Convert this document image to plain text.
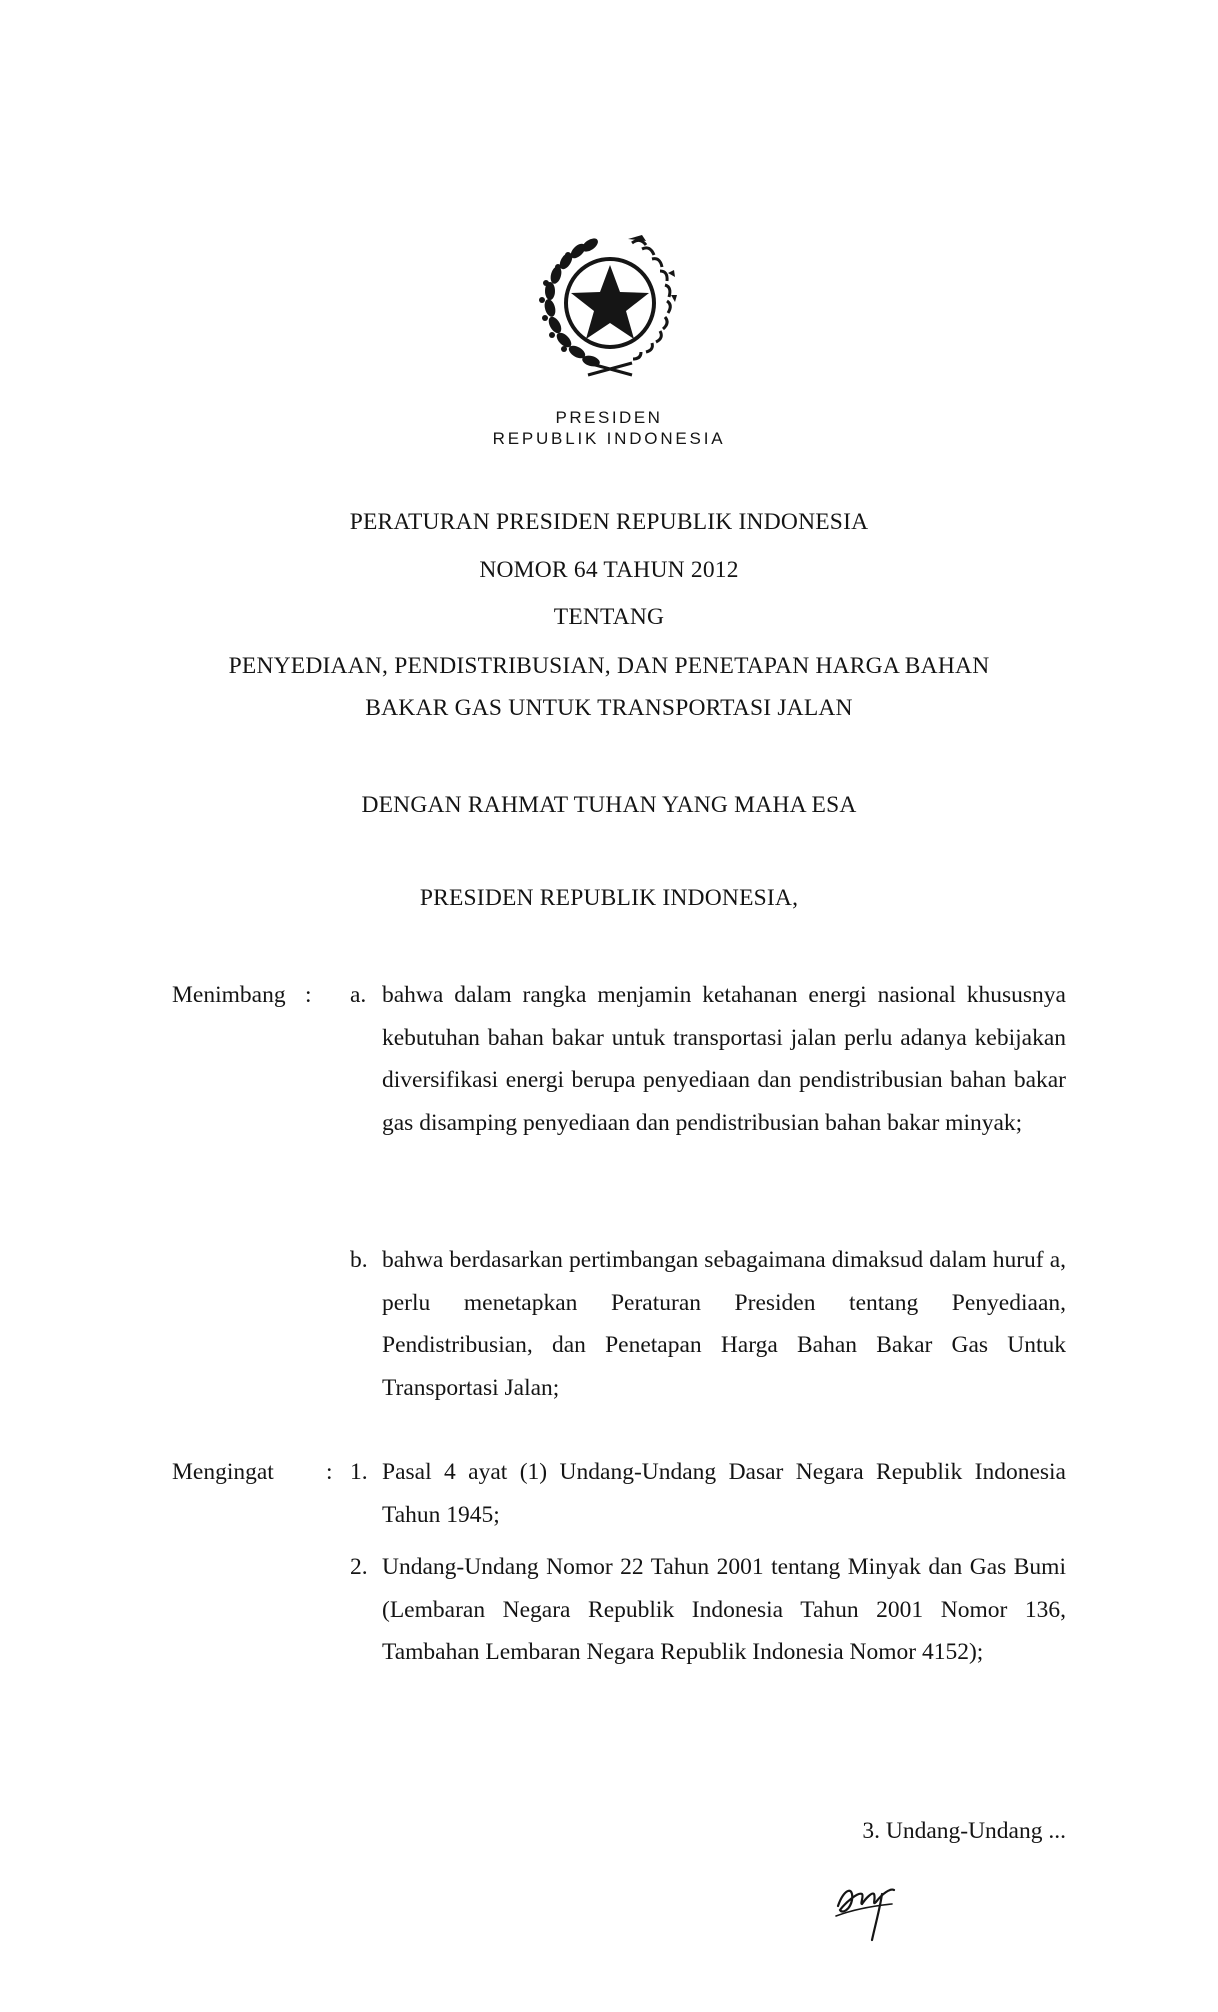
PRESIDEN
REPUBLIK INDONESIA
PERATURAN PRESIDEN REPUBLIK INDONESIA
NOMOR 64 TAHUN 2012
TENTANG
PENYEDIAAN, PENDISTRIBUSIAN, DAN PENETAPAN HARGA BAHAN
BAKAR GAS UNTUK TRANSPORTASI JALAN
DENGAN RAHMAT TUHAN YANG MAHA ESA
PRESIDEN REPUBLIK INDONESIA,
Menimbang : a. bahwa dalam rangka menjamin ketahanan energi nasional khususnya kebutuhan bahan bakar untuk transportasi jalan perlu adanya kebijakan diversifikasi energi berupa penyediaan dan pendistribusian bahan bakar gas disamping penyediaan dan pendistribusian bahan bakar minyak;
b. bahwa berdasarkan pertimbangan sebagaimana dimaksud dalam huruf a, perlu menetapkan Peraturan Presiden tentang Penyediaan, Pendistribusian, dan Penetapan Harga Bahan Bakar Gas Untuk Transportasi Jalan;
Mengingat : 1. Pasal 4 ayat (1) Undang-Undang Dasar Negara Republik Indonesia Tahun 1945;
2. Undang-Undang Nomor 22 Tahun 2001 tentang Minyak dan Gas Bumi (Lembaran Negara Republik Indonesia Tahun 2001 Nomor 136, Tambahan Lembaran Negara Republik Indonesia Nomor 4152);
3. Undang-Undang ...
